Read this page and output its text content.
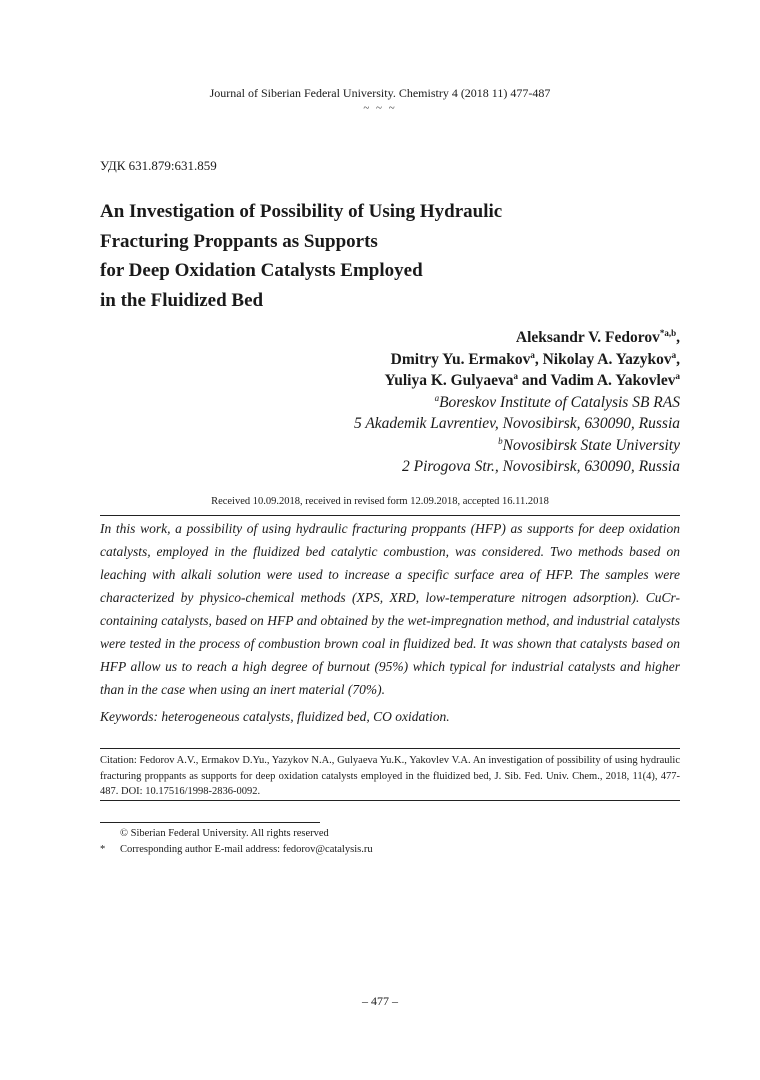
Journal of Siberian Federal University. Chemistry 4 (2018 11) 477-487
~ ~ ~
УДК 631.879:631.859
An Investigation of Possibility of Using Hydraulic
Fracturing Proppants as Supports
for Deep Oxidation Catalysts Employed
in the Fluidized Bed
Aleksandr V. Fedorov$^{*a,b}$,
Dmitry Yu. Ermakov$^a$, Nikolay A. Yazykov$^a$,
Yuliya K. Gulyaeva$^a$ and Vadim A. Yakovlev$^a$
$^a$Boreskov Institute of Catalysis SB RAS
5 Akademik Lavrentiev, Novosibirsk, 630090, Russia
$^b$Novosibirsk State University
2 Pirogova Str., Novosibirsk, 630090, Russia
Received 10.09.2018, received in revised form 12.09.2018, accepted 16.11.2018
In this work, a possibility of using hydraulic fracturing proppants (HFP) as supports for deep oxidation catalysts, employed in the fluidized bed catalytic combustion, was considered. Two methods based on leaching with alkali solution were used to increase a specific surface area of HFP. The samples were characterized by physico-chemical methods (XPS, XRD, low-temperature nitrogen adsorption). CuCr-containing catalysts, based on HFP and obtained by the wet-impregnation method, and industrial catalysts were tested in the process of combustion brown coal in fluidized bed. It was shown that catalysts based on HFP allow us to reach a high degree of burnout (95%) which typical for industrial catalysts and higher than in the case when using an inert material (70%).
Keywords: heterogeneous catalysts, fluidized bed, CO oxidation.
Citation: Fedorov A.V., Ermakov D.Yu., Yazykov N.A., Gulyaeva Yu.K., Yakovlev V.A. An investigation of possibility of using hydraulic fracturing proppants as supports for deep oxidation catalysts employed in the fluidized bed, J. Sib. Fed. Univ. Chem., 2018, 11(4), 477-487. DOI: 10.17516/1998-2836-0092.
© Siberian Federal University. All rights reserved
* Corresponding author E-mail address: fedorov@catalysis.ru
– 477 –
